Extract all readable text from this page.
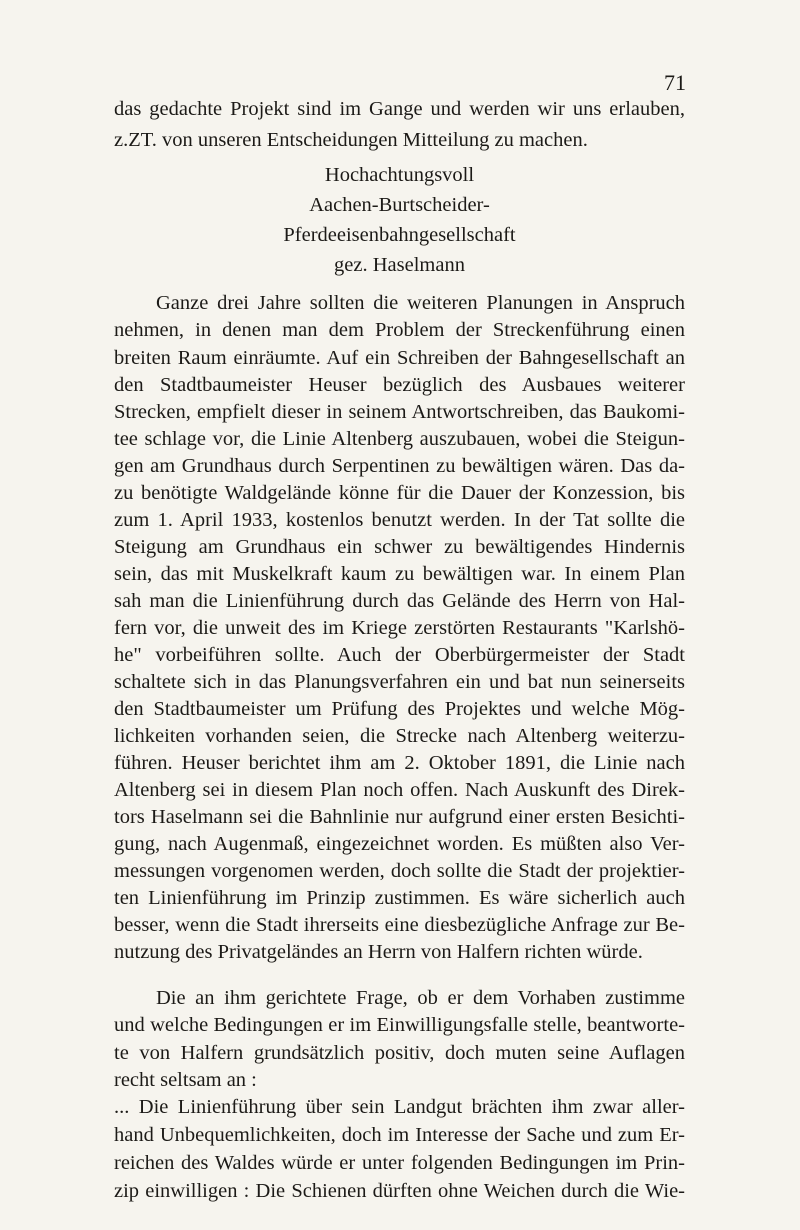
71
das gedachte Projekt sind im Gange und werden wir uns erlauben,
z.ZT. von unseren Entscheidungen Mitteilung zu machen.
Hochachtungsvoll
Aachen-Burtscheider-
Pferdeeisenbahngesellschaft
gez. Haselmann
Ganze drei Jahre sollten die weiteren Planungen in Anspruch
nehmen, in denen man dem Problem der Streckenführung einen
breiten Raum einräumte. Auf ein Schreiben der Bahngesellschaft an
den Stadtbaumeister Heuser bezüglich des Ausbaues weiterer
Strecken, empfielt dieser in seinem Antwortschreiben, das Baukomi-
tee schlage vor, die Linie Altenberg auszubauen, wobei die Steigun-
gen am Grundhaus durch Serpentinen zu bewältigen wären. Das da-
zu benötigte Waldgelände könne für die Dauer der Konzession, bis
zum 1. April 1933, kostenlos benutzt werden. In der Tat sollte die
Steigung am Grundhaus ein schwer zu bewältigendes Hindernis
sein, das mit Muskelkraft kaum zu bewältigen war. In einem Plan
sah man die Linienführung durch das Gelände des Herrn von Hal-
fern vor, die unweit des im Kriege zerstörten Restaurants "Karlshö-
he" vorbeiführen sollte. Auch der Oberbürgermeister der Stadt
schaltete sich in das Planungsverfahren ein und bat nun seinerseits
den Stadtbaumeister um Prüfung des Projektes und welche Mög-
lichkeiten vorhanden seien, die Strecke nach Altenberg weiterzu-
führen. Heuser berichtet ihm am 2. Oktober 1891, die Linie nach
Altenberg sei in diesem Plan noch offen. Nach Auskunft des Direk-
tors Haselmann sei die Bahnlinie nur aufgrund einer ersten Besichti-
gung, nach Augenmaß, eingezeichnet worden. Es müßten also Ver-
messungen vorgenomen werden, doch sollte die Stadt der projektier-
ten Linienführung im Prinzip zustimmen. Es wäre sicherlich auch
besser, wenn die Stadt ihrerseits eine diesbezügliche Anfrage zur Be-
nutzung des Privatgeländes an Herrn von Halfern richten würde.
Die an ihm gerichtete Frage, ob er dem Vorhaben zustimme
und welche Bedingungen er im Einwilligungsfalle stelle, beantworte-
te von Halfern grundsätzlich positiv, doch muten seine Auflagen
recht seltsam an :
... Die Linienführung über sein Landgut brächten ihm zwar aller-
hand Unbequemlichkeiten, doch im Interesse der Sache und zum Er-
reichen des Waldes würde er unter folgenden Bedingungen im Prin-
zip einwilligen : Die Schienen dürften ohne Weichen durch die Wie-
